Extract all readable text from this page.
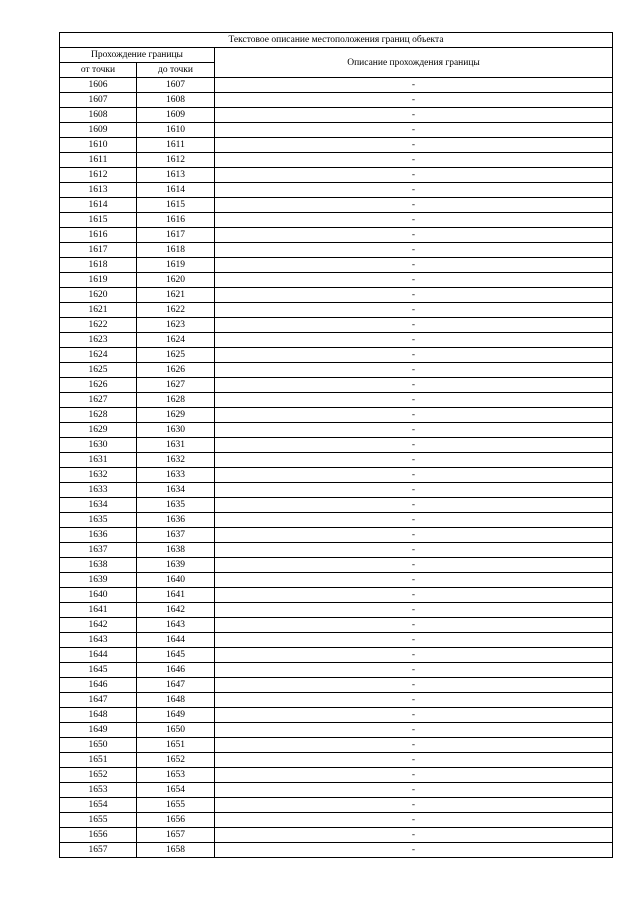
Текстовое описание местоположения границ объекта		
Прохождение границы		Описание прохождения границы
от точки	до точки	
1606	1607	-
1607	1608	-
1608	1609	-
1609	1610	-
1610	1611	-
1611	1612	-
1612	1613	-
1613	1614	-
1614	1615	-
1615	1616	-
1616	1617	-
1617	1618	-
1618	1619	-
1619	1620	-
1620	1621	-
1621	1622	-
1622	1623	-
1623	1624	-
1624	1625	-
1625	1626	-
1626	1627	-
1627	1628	-
1628	1629	-
1629	1630	-
1630	1631	-
1631	1632	-
1632	1633	-
1633	1634	-
1634	1635	-
1635	1636	-
1636	1637	-
1637	1638	-
1638	1639	-
1639	1640	-
1640	1641	-
1641	1642	-
1642	1643	-
1643	1644	-
1644	1645	-
1645	1646	-
1646	1647	-
1647	1648	-
1648	1649	-
1649	1650	-
1650	1651	-
1651	1652	-
1652	1653	-
1653	1654	-
1654	1655	-
1655	1656	-
1656	1657	-
1657	1658	-
